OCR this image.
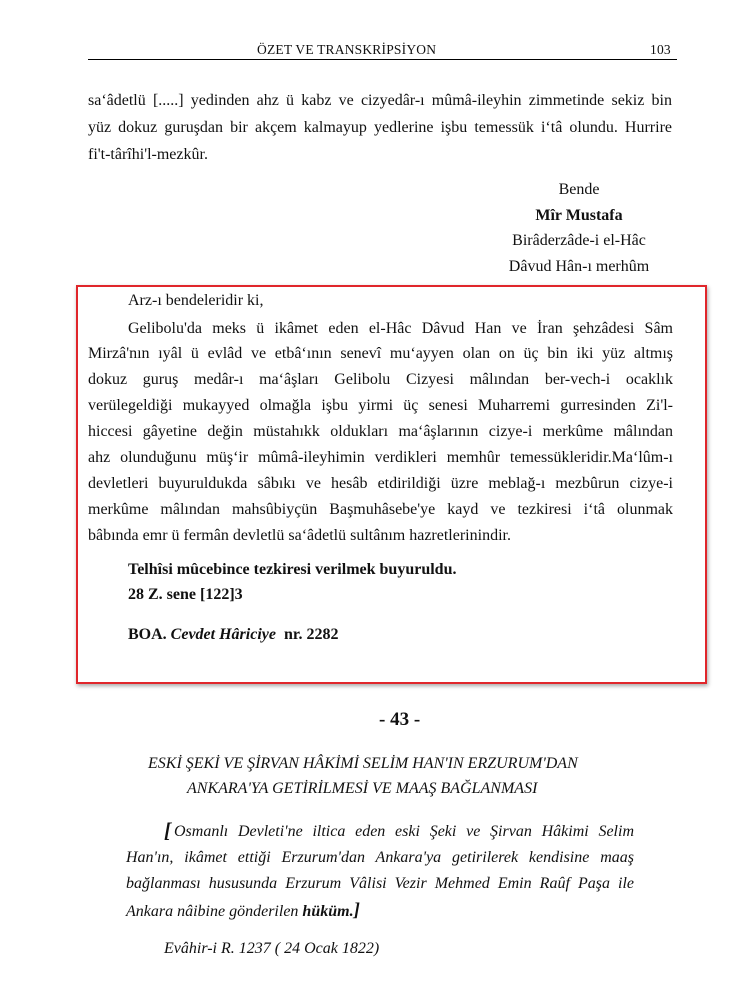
ÖZET VE TRANSKRİPSİYON	103
sa‘âdetlü [.....] yedinden ahz ü kabz ve cizyedâr-ı mûmâ-ileyhin zimmetinde sekiz bin
yüz dokuz guruşdan bir akçem kalmayup yedlerine işbu temessük i‘tâ olundu. Hurrire
fi't-târîhi'l-mezkûr.
Bende
Mîr Mustafa
Birâderzâde-i el-Hâc
Dâvud Hân-ı merhûm
Arz-ı bendeleridir ki,
Gelibolu'da meks ü ikâmet eden el-Hâc Dâvud Han ve İran şehzâdesi Sâm
Mirzâ'nın ıyâl ü evlâd ve etbâ‘ının senevî mu‘ayyen olan on üç bin iki yüz altmış
dokuz guruş medâr-ı ma‘âşları Gelibolu Cizyesi mâlından ber-vech-i ocaklık
verülegeldiği mukayyed olmağla işbu yirmi üç senesi Muharremi gurresinden Zi'l-
hiccesi gâyetine değin müstahıkk oldukları ma‘âşlarının cizye-i merkûme mâlından
ahz olunduğunu müş‘ir mûmâ-ileyhimin verdikleri memhûr temessükleridir.Ma‘lûm-ı
devletleri buyuruldukda sâbıkı ve hesâb etdirildiği üzre meblağ-ı mezbûrun cizye-i
merkûme mâlından mahsûbiyçün Başmuhâsebe'ye kayd ve tezkiresi i‘tâ olunmak
bâbında emr ü fermân devletlü sa‘âdetlü sultânım hazretlerinindir.
Telhîsi mûcebince tezkiresi verilmek buyuruldu.
28 Z. sene [122]3
BOA. Cevdet Hâriciye nr. 2282
- 43 -
ESKİ ŞEKİ VE ŞİRVAN HÂKİMİ SELİM HAN'IN ERZURUM'DAN
ANKARA'YA GETİRİLMESİ VE MAAŞ BAĞLANMASI
[ Osmanlı Devleti'ne iltica eden eski Şeki ve Şirvan Hâkimi Selim
Han'ın, ikâmet ettiği Erzurum'dan Ankara'ya getirilerek kendisine maaş
bağlanması hususunda Erzurum Vâlisi Vezir Mehmed Emin Raûf Paşa ile
Ankara nâibine gönderilen hüküm.]
Evâhir-i R. 1237 ( 24 Ocak 1822)
